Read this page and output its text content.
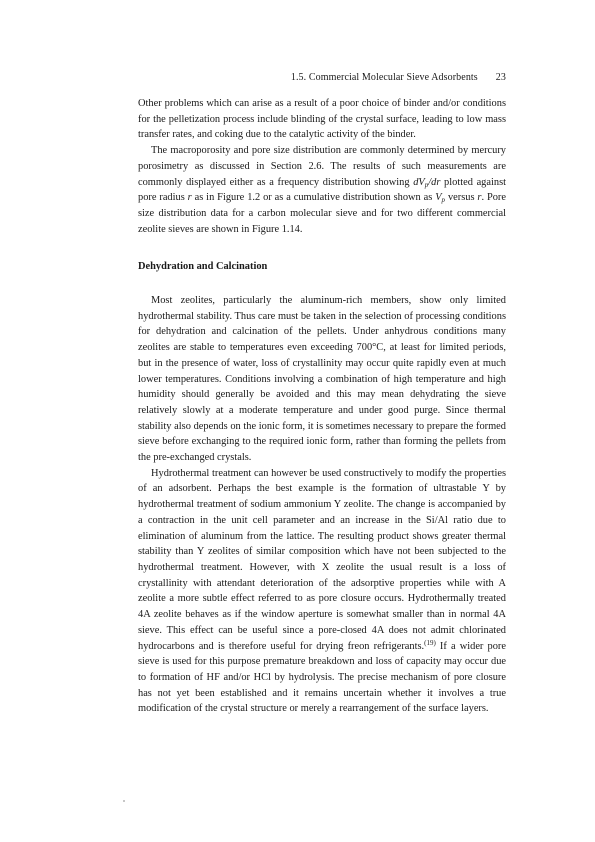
1.5. Commercial Molecular Sieve Adsorbents 23

Other problems which can arise as a result of a poor choice of binder and/or conditions for the pelletization process include blinding of the crystal surface, leading to low mass transfer rates, and coking due to the catalytic activity of the binder.

The macroporosity and pore size distribution are commonly determined by mercury porosimetry as discussed in Section 2.6. The results of such measurements are commonly displayed either as a frequency distribution showing $dV_p/dr$ plotted against pore radius r as in Figure 1.2 or as a cumulative distribution shown as $V_p$ versus r. Pore size distribution data for a carbon molecular sieve and for two different commercial zeolite sieves are shown in Figure 1.14.

Dehydration and Calcination

Most zeolites, particularly the aluminum-rich members, show only limited hydrothermal stability. Thus care must be taken in the selection of processing conditions for dehydration and calcination of the pellets. Under anhydrous conditions many zeolites are stable to temperatures even exceeding 700°C, at least for limited periods, but in the presence of water, loss of crystallinity may occur quite rapidly even at much lower temperatures. Conditions involving a combination of high temperature and high humidity should generally be avoided and this may mean dehydrating the sieve relatively slowly at a moderate temperature and under good purge. Since thermal stability also depends on the ionic form, it is sometimes necessary to prepare the formed sieve before exchanging to the required ionic form, rather than forming the pellets from the pre-exchanged crystals.

Hydrothermal treatment can however be used constructively to modify the properties of an adsorbent. Perhaps the best example is the formation of ultrastable Y by hydrothermal treatment of sodium ammonium Y zeolite. The change is accompanied by a contraction in the unit cell parameter and an increase in the Si/Al ratio due to elimination of aluminum from the lattice. The resulting product shows greater thermal stability than Y zeolites of similar composition which have not been subjected to the hydrothermal treatment. However, with X zeolite the usual result is a loss of crystallinity with attendant deterioration of the adsorptive properties while with A zeolite a more subtle effect referred to as pore closure occurs. Hydrothermally treated 4A zeolite behaves as if the window aperture is somewhat smaller than in normal 4A sieve. This effect can be useful since a pore-closed 4A does not admit chlorinated hydrocarbons and is therefore useful for drying freon refrigerants.$^{(19)}$ If a wider pore sieve is used for this purpose premature breakdown and loss of capacity may occur due to formation of HF and/or HCl by hydrolysis. The precise mechanism of pore closure has not yet been established and it remains uncertain whether it involves a true modification of the crystal structure or merely a rearrangement of the surface layers.
